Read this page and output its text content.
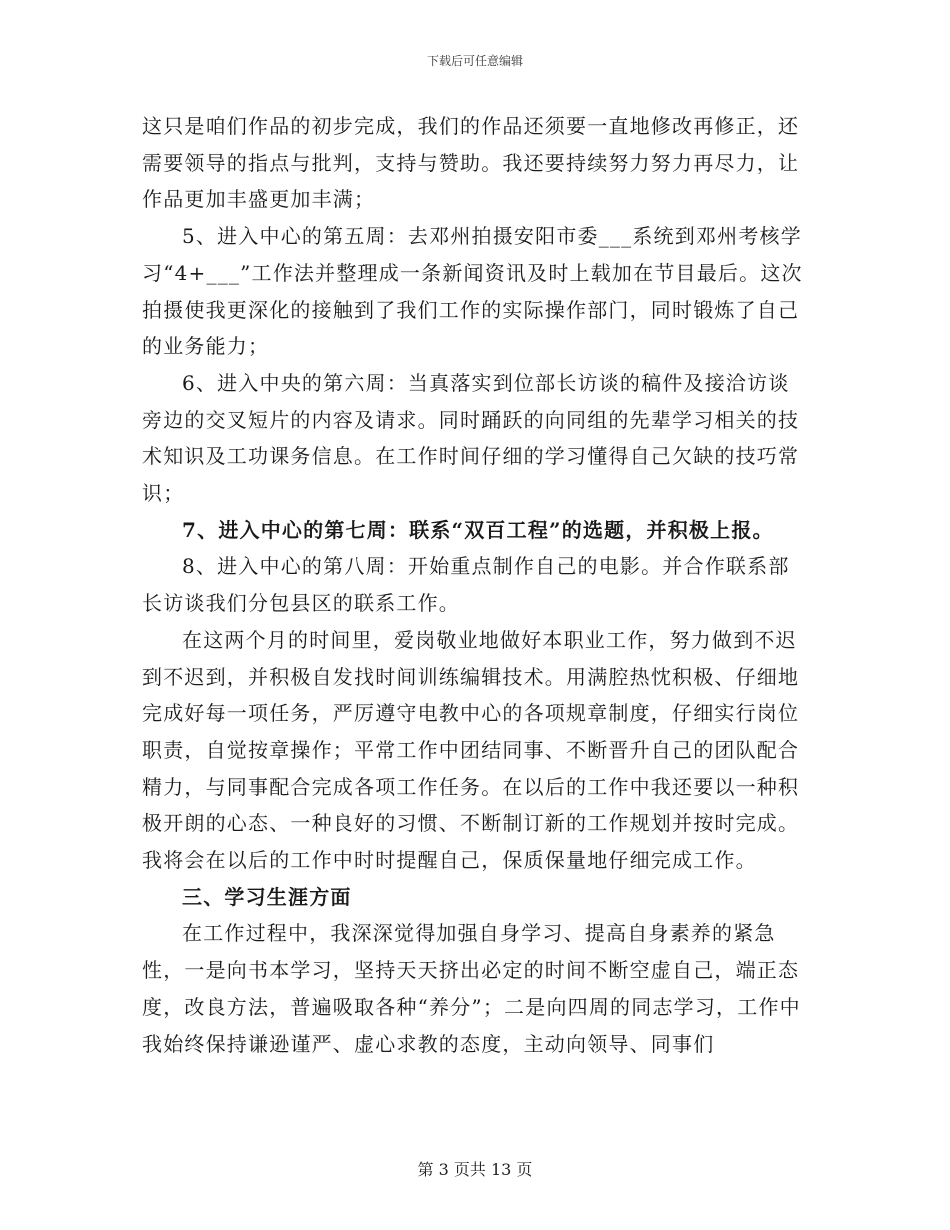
下载后可任意编辑

这只是咱们作品的初步完成，我们的作品还须要一直地修改再修正，还需要领导的指点与批判，支持与赞助。我还要持续努力努力再尽力，让作品更加丰盛更加丰满；

5、进入中心的第五周：去邓州拍摄安阳市委___系统到邓州考核学习“4+___”工作法并整理成一条新闻资讯及时上载加在节目最后。这次拍摄使我更深化的接触到了我们工作的实际操作部门，同时锻炼了自己的业务能力；

6、进入中央的第六周：当真落实到位部长访谈的稿件及接洽访谈旁边的交叉短片的内容及请求。同时踊跃的向同组的先辈学习相关的技术知识及工功课务信息。在工作时间仔细的学习懂得自己欠缺的技巧常识；

7、进入中心的第七周：联系“双百工程”的选题，并积极上报。

8、进入中心的第八周：开始重点制作自己的电影。并合作联系部长访谈我们分包县区的联系工作。

在这两个月的时间里，爱岗敬业地做好本职业工作，努力做到不迟到不迟到，并积极自发找时间训练编辑技术。用满腔热忱积极、仔细地完成好每一项任务，严厉遵守电教中心的各项规章制度，仔细实行岗位职责，自觉按章操作；平常工作中团结同事、不断晋升自己的团队配合精力，与同事配合完成各项工作任务。在以后的工作中我还要以一种积极开朗的心态、一种良好的习惯、不断制订新的工作规划并按时完成。我将会在以后的工作中时时提醒自己，保质保量地仔细完成工作。

三、学习生涯方面

在工作过程中，我深深觉得加强自身学习、提高自身素养的紧急性，一是向书本学习，坚持天天挤出必定的时间不断空虚自己，端正态度，改良方法，普遍吸取各种“养分”；二是向四周的同志学习，工作中我始终保持谦逊谨严、虚心求教的态度，主动向领导、同事们

第 3 页共 13 页
